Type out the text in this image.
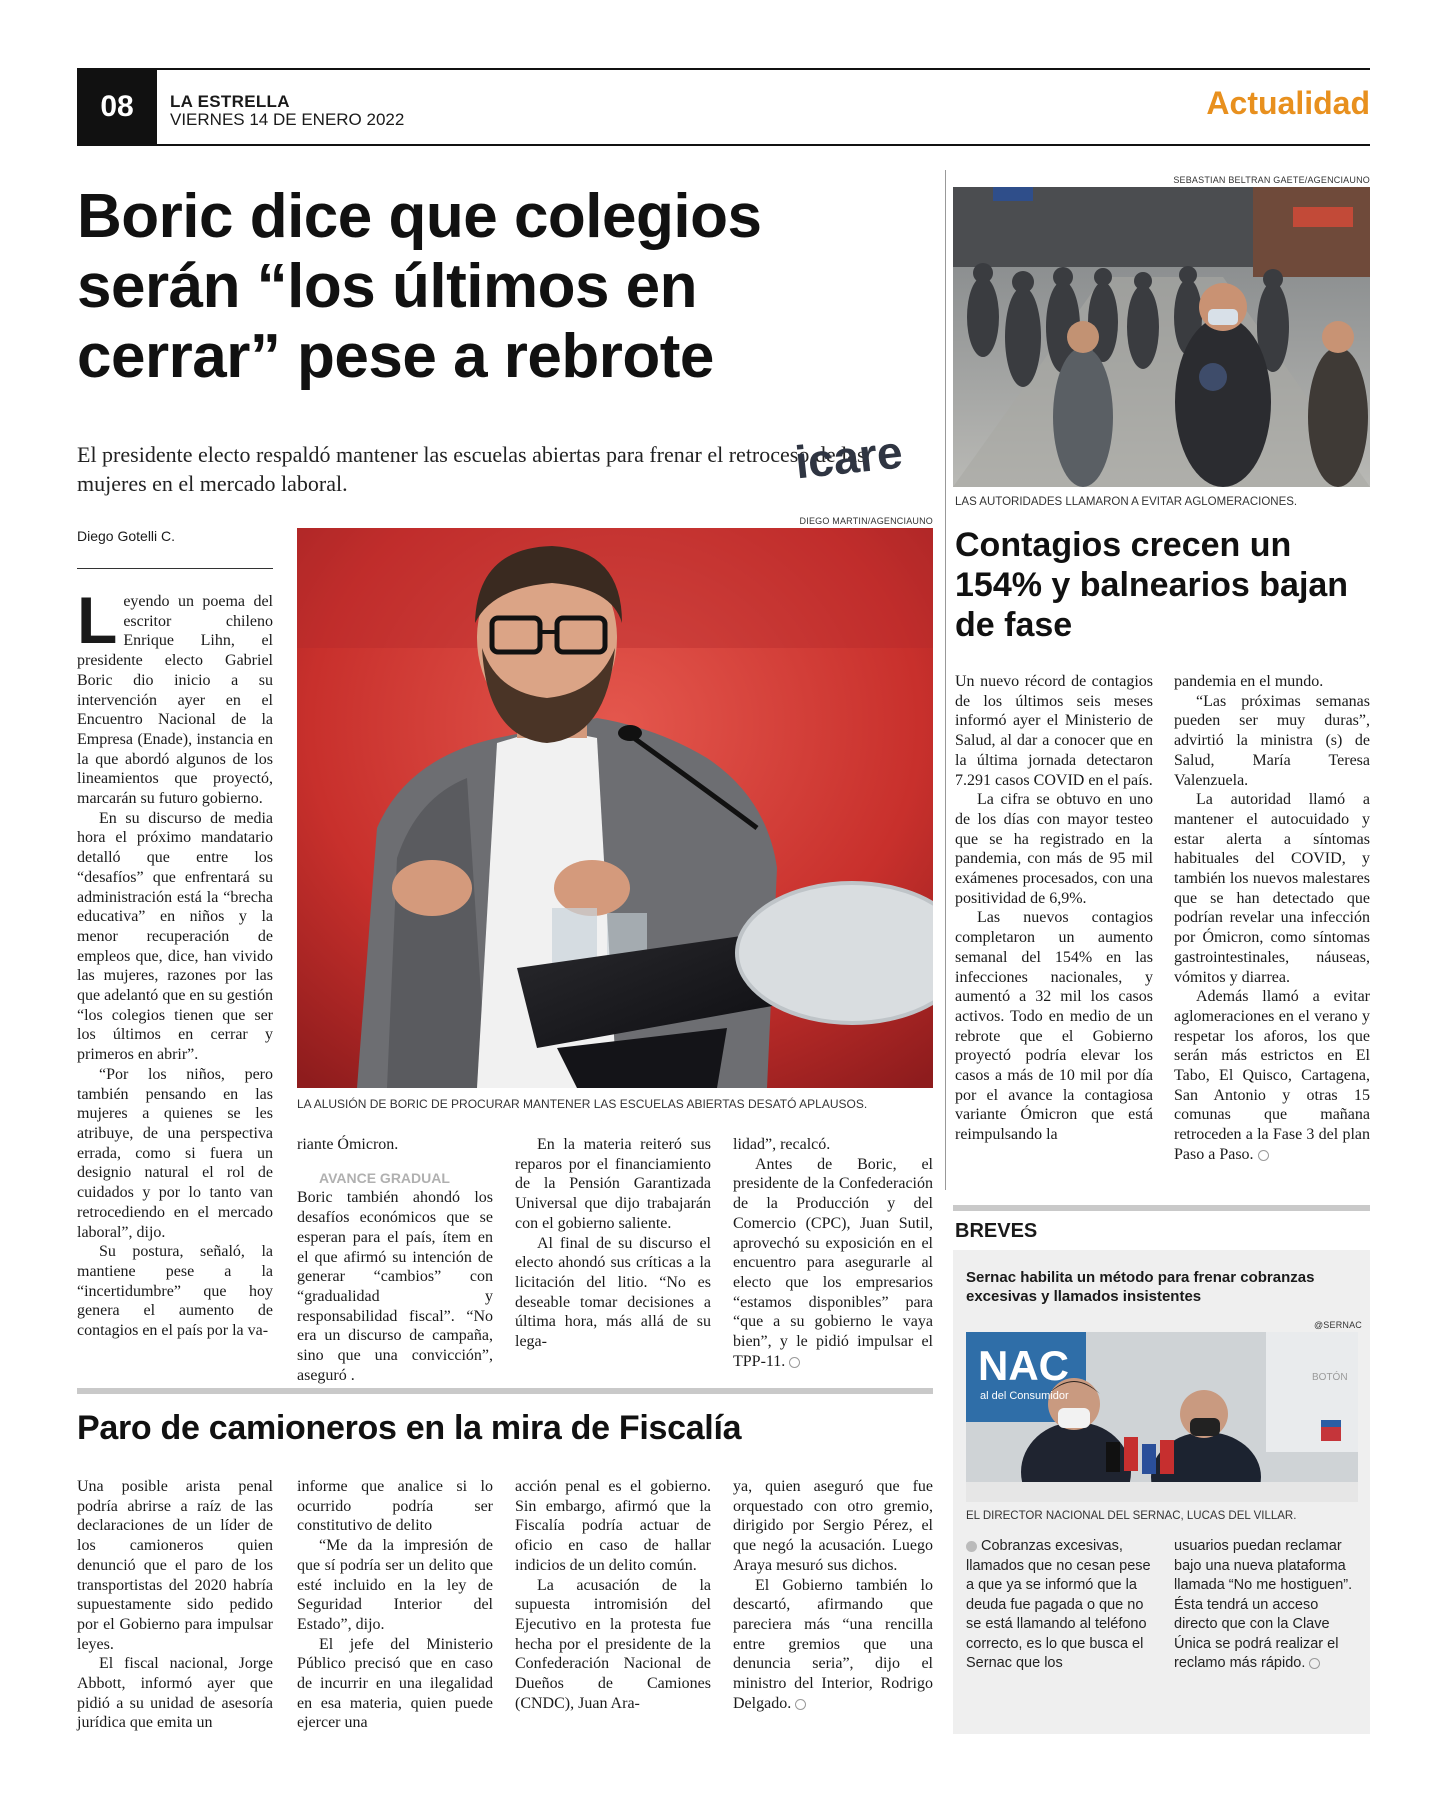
08	LA ESTRELLA
VIERNES 14 DE ENERO 2022	Actualidad
Boric dice que colegios serán “los últimos en cerrar” pese a rebrote
El presidente electo respaldó mantener las escuelas abiertas para frenar el retroceso de las mujeres en el mercado laboral.
Diego Gotelli C.
DIEGO MARTIN/AGENCIAUNO
icare
LA ALUSIÓN DE BORIC DE PROCURAR MANTENER LAS ESCUELAS ABIERTAS DESATÓ APLAUSOS.

Leyendo un poema del escritor chileno Enrique Lihn, el presidente electo Gabriel Boric dio inicio a su intervención ayer en el Encuentro Nacional de la Empresa (Enade), instancia en la que abordó algunos de los lineamientos que proyectó, marcarán su futuro gobierno.

En su discurso de media hora el próximo mandatario detalló que entre los “desafíos” que enfrentará su administración está la “brecha educativa” en niños y la menor recuperación de empleos que, dice, han vivido las mujeres, razones por las que adelantó que en su gestión “los colegios tienen que ser los últimos en cerrar y primeros en abrir”.

“Por los niños, pero también pensando en las mujeres a quienes se les atribuye, de una perspectiva errada, como si fuera un designio natural el rol de cuidados y por lo tanto van retrocediendo en el mercado laboral”, dijo.

Su postura, señaló, la mantiene pese a la “incertidumbre” que hoy genera el aumento de contagios en el país por la va-

riante Ómicron.

AVANCE GRADUAL

Boric también ahondó los desafíos económicos que se esperan para el país, ítem en el que afirmó su intención de generar “cambios” con “gradualidad y responsabilidad fiscal”. “No era un discurso de campaña, sino que una convicción”, aseguró .

En la materia reiteró sus reparos por el financiamiento de la Pensión Garantizada Universal que dijo trabajarán con el gobierno saliente.

Al final de su discurso el electo ahondó sus críticas a la licitación del litio. “No es deseable tomar decisiones a última hora, más allá de su lega-

lidad”, recalcó.

Antes de Boric, el presidente de la Confederación de la Producción y del Comercio (CPC), Juan Sutil, aprovechó su exposición en el encuentro para asegurarle al electo que los empresarios “estamos disponibles” para “que a su gobierno le vaya bien”, y le pidió impulsar el TPP-11.

Paro de camioneros en la mira de Fiscalía

Una posible arista penal podría abrirse a raíz de las declaraciones de un líder de los camioneros quien denunció que el paro de los transportistas del 2020 habría supuestamente sido pedido por el Gobierno para impulsar leyes.

El fiscal nacional, Jorge Abbott, informó ayer que pidió a su unidad de asesoría jurídica que emita un

informe que analice si lo ocurrido podría ser constitutivo de delito

“Me da la impresión de que sí podría ser un delito que esté incluido en la ley de Seguridad Interior del Estado”, dijo.

El jefe del Ministerio Público precisó que en caso de incurrir en una ilegalidad en esa materia, quien puede ejercer una

acción penal es el gobierno. Sin embargo, afirmó que la Fiscalía podría actuar de oficio en caso de hallar indicios de un delito común.

La acusación de la supuesta intromisión del Ejecutivo en la protesta fue hecha por el presidente de la Confederación Nacional de Dueños de Camiones (CNDC), Juan Ara-

ya, quien aseguró que fue orquestado con otro gremio, dirigido por Sergio Pérez, el que negó la acusación. Luego Araya mesuró sus dichos.

El Gobierno también lo descartó, afirmando que pareciera más “una rencilla entre gremios que una denuncia seria”, dijo el ministro del Interior, Rodrigo Delgado.

SEBASTIAN BELTRAN GAETE/AGENCIAUNO
LAS AUTORIDADES LLAMARON A EVITAR AGLOMERACIONES.
Contagios crecen un 154% y balnearios bajan de fase

Un nuevo récord de contagios de los últimos seis meses informó ayer el Ministerio de Salud, al dar a conocer que en la última jornada detectaron 7.291 casos COVID en el país.

La cifra se obtuvo en uno de los días con mayor testeo que se ha registrado en la pandemia, con más de 95 mil exámenes procesados, con una positividad de 6,9%.

Las nuevos contagios completaron un aumento semanal del 154% en las infecciones nacionales, y aumentó a 32 mil los casos activos. Todo en medio de un rebrote que el Gobierno proyectó podría elevar los casos a más de 10 mil por día por el avance la contagiosa variante Ómicron que está reimpulsando la

pandemia en el mundo.

“Las próximas semanas pueden ser muy duras”, advirtió la ministra (s) de Salud, María Teresa Valenzuela.

La autoridad llamó a mantener el autocuidado y estar alerta a síntomas habituales del COVID, y también los nuevos malestares que se han detectado que podrían revelar una infección por Ómicron, como síntomas gastrointestinales, náuseas, vómitos y diarrea.

Además llamó a evitar aglomeraciones en el verano y respetar los aforos, los que serán más estrictos en El Tabo, El Quisco, Cartagena, San Antonio y otras 15 comunas que mañana retroceden a la Fase 3 del plan Paso a Paso.

BREVES
Sernac habilita un método para frenar cobranzas excesivas y llamados insistentes
@SERNAC
NAC
al del Consumidor
BOTÓN
EL DIRECTOR NACIONAL DEL SERNAC, LUCAS DEL VILLAR.
Cobranzas excesivas, llamados que no cesan pese a que ya se informó que la deuda fue pagada o que no se está llamando al teléfono correcto, es lo que busca el Sernac que los
usuarios puedan reclamar bajo una nueva plataforma llamada “No me hostiguen”. Ésta tendrá un acceso directo que con la Clave Única se podrá realizar el reclamo más rápido.
